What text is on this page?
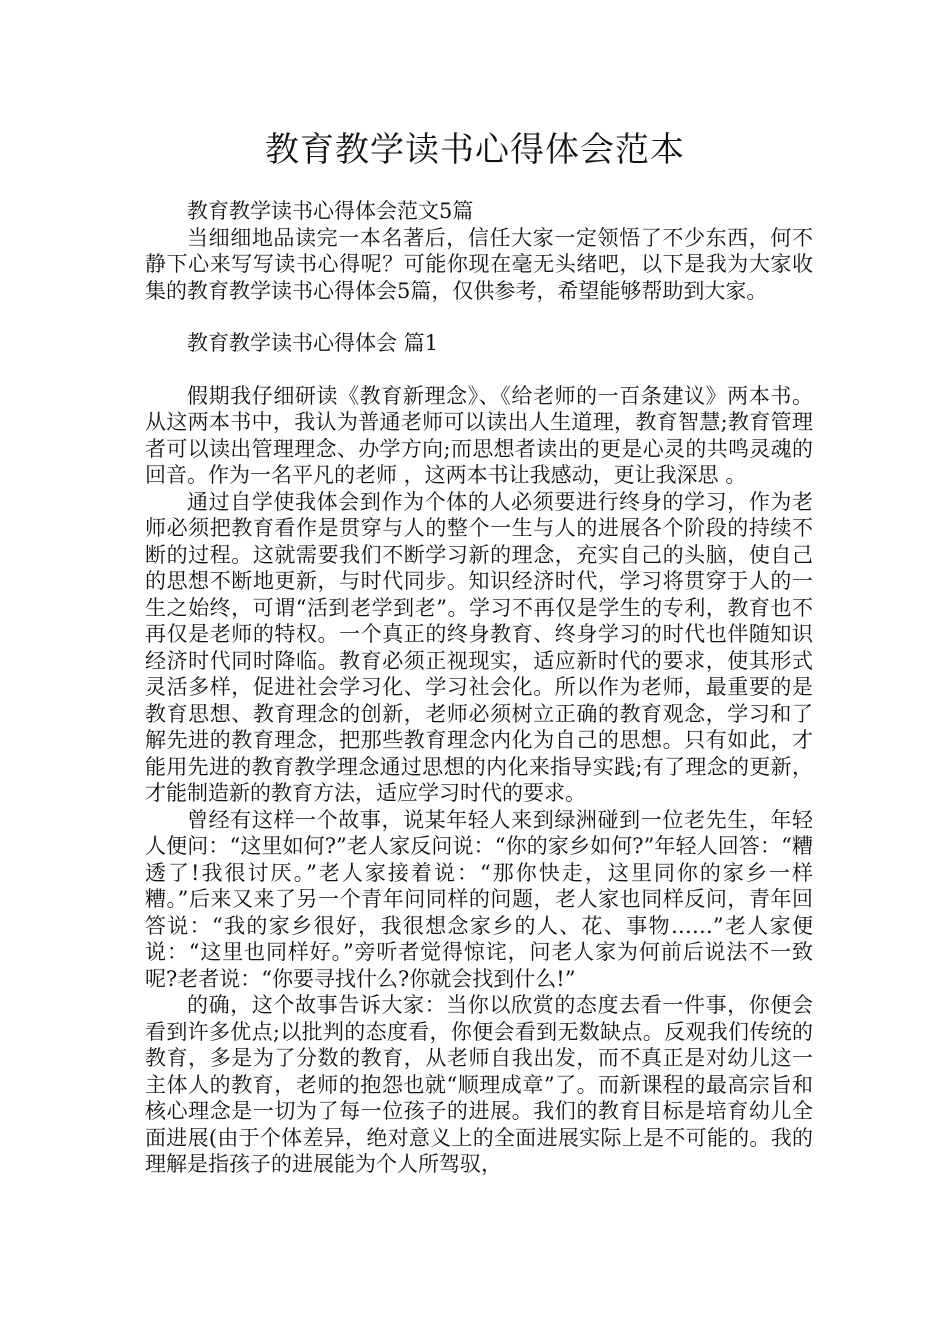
教育教学读书心得体会范本

教育教学读书心得体会范文5篇

当细细地品读完一本名著后，信任大家一定领悟了不少东西，何不静下心来写写读书心得呢？可能你现在毫无头绪吧，以下是我为大家收集的教育教学读书心得体会5篇，仅供参考，希望能够帮助到大家。

教育教学读书心得体会 篇1

假期我仔细研读《教育新理念》、《给老师的一百条建议》两本书。从这两本书中，我认为普通老师可以读出人生道理，教育智慧;教育管理者可以读出管理理念、办学方向;而思想者读出的更是心灵的共鸣灵魂的回音。作为一名平凡的老师 ，这两本书让我感动，更让我深思 。

通过自学使我体会到作为个体的人必须要进行终身的学习，作为老师必须把教育看作是贯穿与人的整个一生与人的进展各个阶段的持续不断的过程。这就需要我们不断学习新的理念，充实自己的头脑，使自己的思想不断地更新，与时代同步。知识经济时代，学习将贯穿于人的一生之始终，可谓“活到老学到老”。学习不再仅是学生的专利，教育也不再仅是老师的特权。一个真正的终身教育、终身学习的时代也伴随知识经济时代同时降临。教育必须正视现实，适应新时代的要求，使其形式灵活多样，促进社会学习化、学习社会化。所以作为老师，最重要的是教育思想、教育理念的创新，老师必须树立正确的教育观念，学习和了解先进的教育理念，把那些教育理念内化为自己的思想。只有如此，才能用先进的教育教学理念通过思想的内化来指导实践;有了理念的更新，才能制造新的教育方法，适应学习时代的要求。

曾经有这样一个故事，说某年轻人来到绿洲碰到一位老先生，年轻人便问：“这里如何?”老人家反问说：“你的家乡如何?”年轻人回答：“糟透了!我很讨厌。”老人家接着说：“那你快走，这里同你的家乡一样糟。”后来又来了另一个青年问同样的问题，老人家也同样反问，青年回答说：“我的家乡很好，我很想念家乡的人、花、事物……”老人家便说：“这里也同样好。”旁听者觉得惊诧，问老人家为何前后说法不一致呢?老者说：“你要寻找什么?你就会找到什么!”

的确，这个故事告诉大家：当你以欣赏的态度去看一件事，你便会看到许多优点;以批判的态度看，你便会看到无数缺点。反观我们传统的教育，多是为了分数的教育，从老师自我出发，而不真正是对幼儿这一主体人的教育，老师的抱怨也就“顺理成章”了。而新课程的最高宗旨和核心理念是一切为了每一位孩子的进展。我们的教育目标是培育幼儿全面进展(由于个体差异，绝对意义上的全面进展实际上是不可能的。我的理解是指孩子的进展能为个人所驾驭，
